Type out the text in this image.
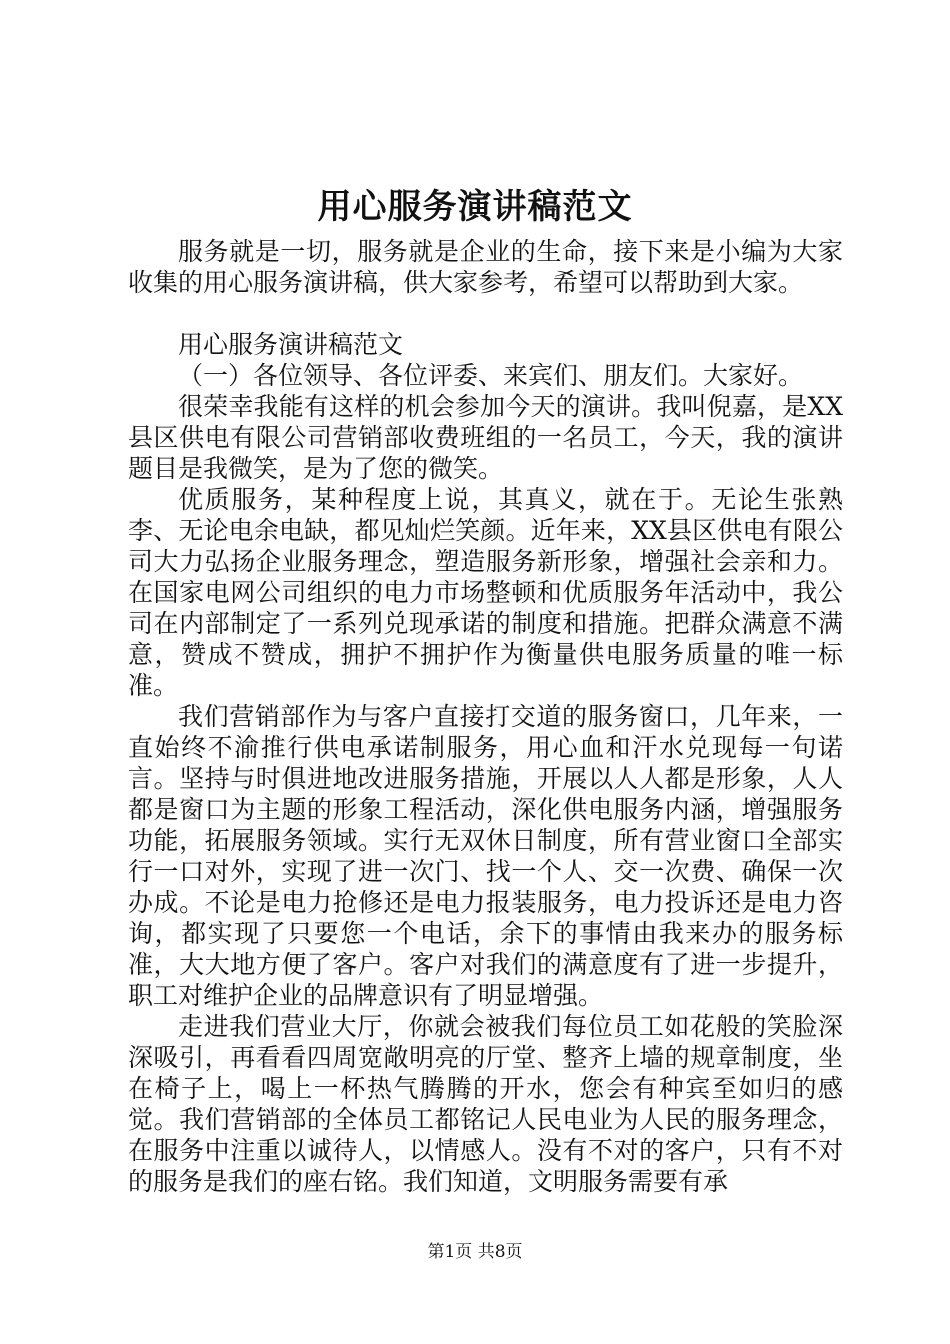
用心服务演讲稿范文

服务就是一切，服务就是企业的生命，接下来是小编为大家收集的用心服务演讲稿，供大家参考，希望可以帮助到大家。

用心服务演讲稿范文

（一）各位领导、各位评委、来宾们、朋友们。大家好。

很荣幸我能有这样的机会参加今天的演讲。我叫倪嘉，是XX县区供电有限公司营销部收费班组的一名员工，今天，我的演讲题目是我微笑，是为了您的微笑。

优质服务，某种程度上说，其真义，就在于。无论生张熟李、无论电余电缺，都见灿烂笑颜。近年来，XX县区供电有限公司大力弘扬企业服务理念，塑造服务新形象，增强社会亲和力。在国家电网公司组织的电力市场整顿和优质服务年活动中，我公司在内部制定了一系列兑现承诺的制度和措施。把群众满意不满意，赞成不赞成，拥护不拥护作为衡量供电服务质量的唯一标准。

我们营销部作为与客户直接打交道的服务窗口，几年来，一直始终不渝推行供电承诺制服务，用心血和汗水兑现每一句诺言。坚持与时俱进地改进服务措施，开展以人人都是形象，人人都是窗口为主题的形象工程活动，深化供电服务内涵，增强服务功能，拓展服务领域。实行无双休日制度，所有营业窗口全部实行一口对外，实现了进一次门、找一个人、交一次费、确保一次办成。不论是电力抢修还是电力报装服务，电力投诉还是电力咨询，都实现了只要您一个电话，余下的事情由我来办的服务标准，大大地方便了客户。客户对我们的满意度有了进一步提升，职工对维护企业的品牌意识有了明显增强。

走进我们营业大厅，你就会被我们每位员工如花般的笑脸深深吸引，再看看四周宽敞明亮的厅堂、整齐上墙的规章制度，坐在椅子上，喝上一杯热气腾腾的开水，您会有种宾至如归的感觉。我们营销部的全体员工都铭记人民电业为人民的服务理念，在服务中注重以诚待人，以情感人。没有不对的客户，只有不对的服务是我们的座右铭。我们知道，文明服务需要有承

第1页 共8页
